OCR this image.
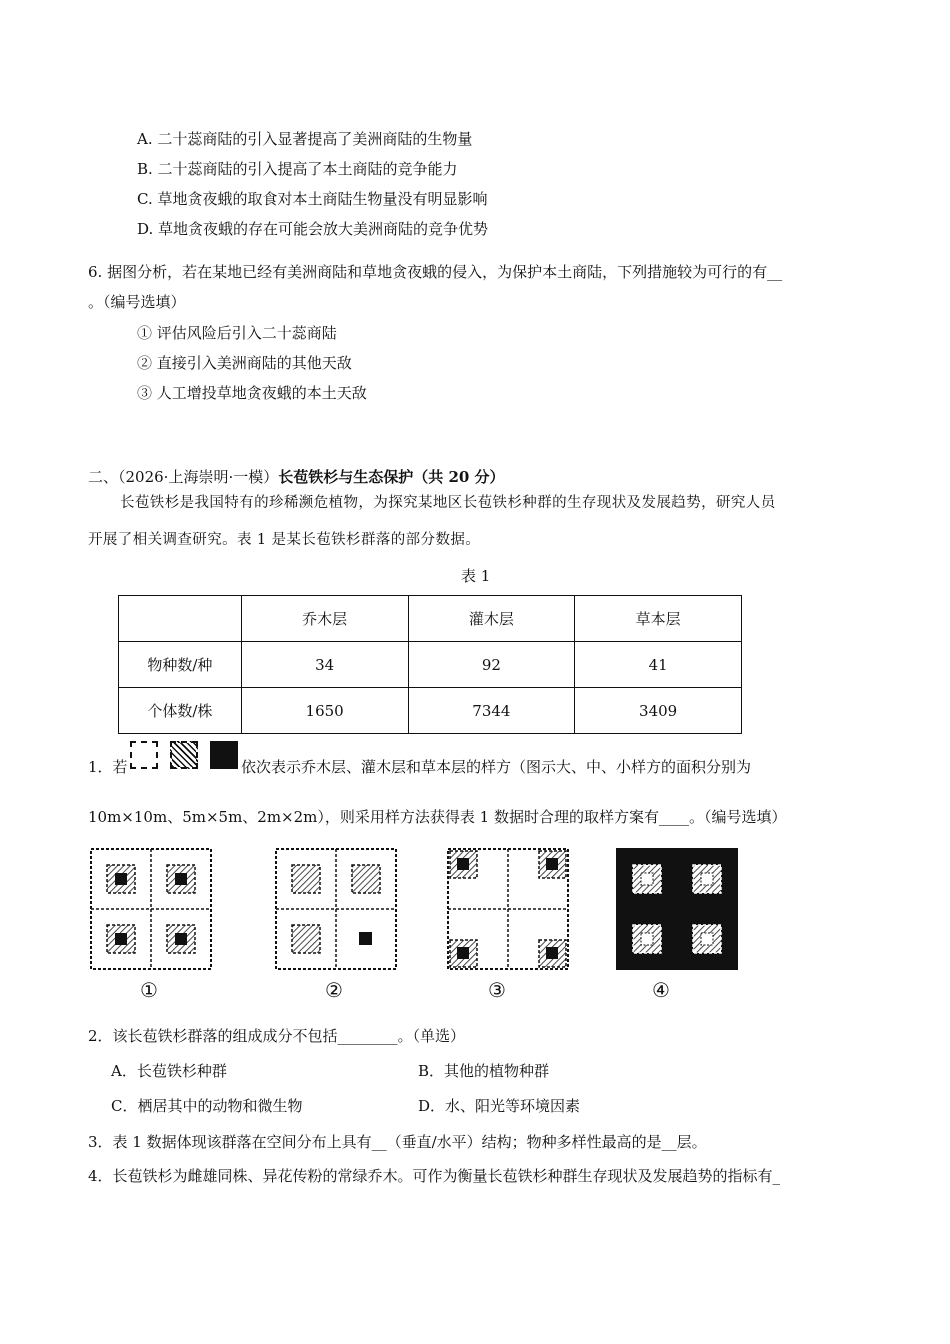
A. 二十蕊商陆的引入显著提高了美洲商陆的生物量
B. 二十蕊商陆的引入提高了本土商陆的竞争能力
C. 草地贪夜蛾的取食对本土商陆生物量没有明显影响
D. 草地贪夜蛾的存在可能会放大美洲商陆的竞争优势
6. 据图分析，若在某地已经有美洲商陆和草地贪夜蛾的侵入，为保护本土商陆，下列措施较为可行的有__
。（编号选填）
① 评估风险后引入二十蕊商陆
② 直接引入美洲商陆的其他天敌
③ 人工增投草地贪夜蛾的本土天敌
二、（2026·上海崇明·一模）长苞铁杉与生态保护（共 20 分）
长苞铁杉是我国特有的珍稀濒危植物，为探究某地区长苞铁杉种群的生存现状及发展趋势，研究人员
开展了相关调查研究。表 1 是某长苞铁杉群落的部分数据。
表 1
	乔木层	灌木层	草本层
物种数/种	34	92	41
个体数/株	1650	7344	3409
1．若	依次表示乔木层、灌木层和草本层的样方（图示大、中、小样方的面积分别为
10m×10m、5m×5m、2m×2m），则采用样方法获得表 1 数据时合理的取样方案有____。（编号选填）
①	②	③	④
2．该长苞铁杉群落的组成成分不包括________。（单选）
A．长苞铁杉种群	B．其他的植物种群
C．栖居其中的动物和微生物	D．水、阳光等环境因素
3．表 1 数据体现该群落在空间分布上具有__（垂直/水平）结构；物种多样性最高的是__层。
4．长苞铁杉为雌雄同株、异花传粉的常绿乔木。可作为衡量长苞铁杉种群生存现状及发展趋势的指标有_
